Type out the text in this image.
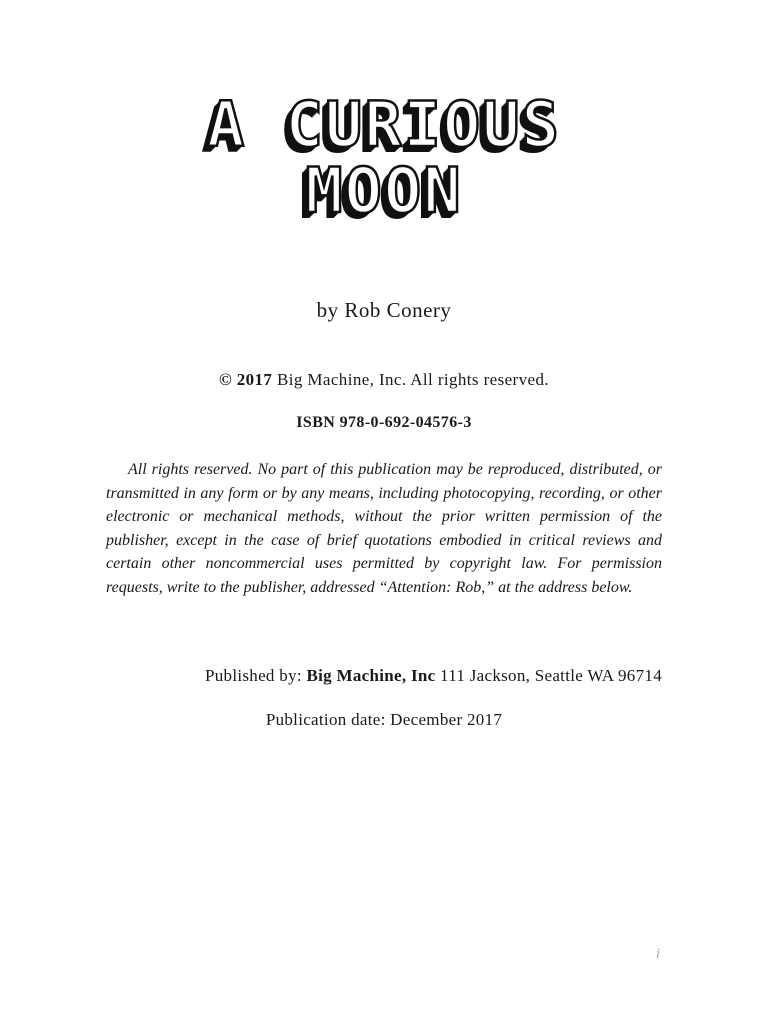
A CURIOUS
MOON
by Rob Conery
© 2017 Big Machine, Inc. All rights reserved.
ISBN 978-0-692-04576-3

All rights reserved. No part of this publication may be reproduced, distributed, or transmitted in any form or by any means, including photocopying, recording, or other electronic or mechanical methods, without the prior written permission of the publisher, except in the case of brief quotations embodied in critical reviews and certain other noncommercial uses permitted by copyright law. For permission requests, write to the publisher, addressed “Attention: Rob,” at the address below.

Published by: Big Machine, Inc 111 Jackson, Seattle WA 96714
Publication date: December 2017
i
